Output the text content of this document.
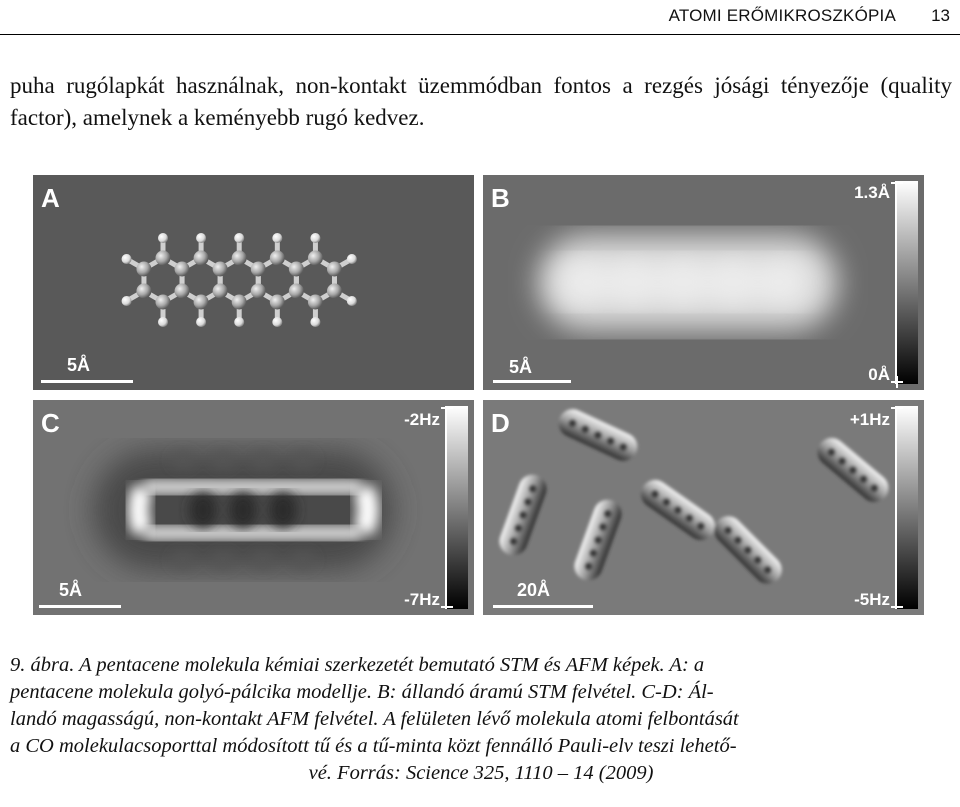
ATOMI ERŐMIKROSZKÓPIA 13
puha rugólapkát használnak, non-kontakt üzemmódban fontos a rezgés jósági tényezője (quality factor), amelynek a keményebb rugó kedvez.
A
5Å
B	1.3Å
0Å
5Å
C	-2Hz
-7Hz
5Å
D	+1Hz
-5Hz
20Å
9. ábra. A pentacene molekula kémiai szerkezetét bemutató STM és AFM képek. A: a
pentacene molekula golyó-pálcika modellje. B: állandó áramú STM felvétel. C-D: Ál-
landó magasságú, non-kontakt AFM felvétel. A felületen lévő molekula atomi felbontását
a CO molekulacsoporttal módosított tű és a tű-minta közt fennálló Pauli-elv teszi lehető-
vé. Forrás: Science 325, 1110 – 14 (2009)
